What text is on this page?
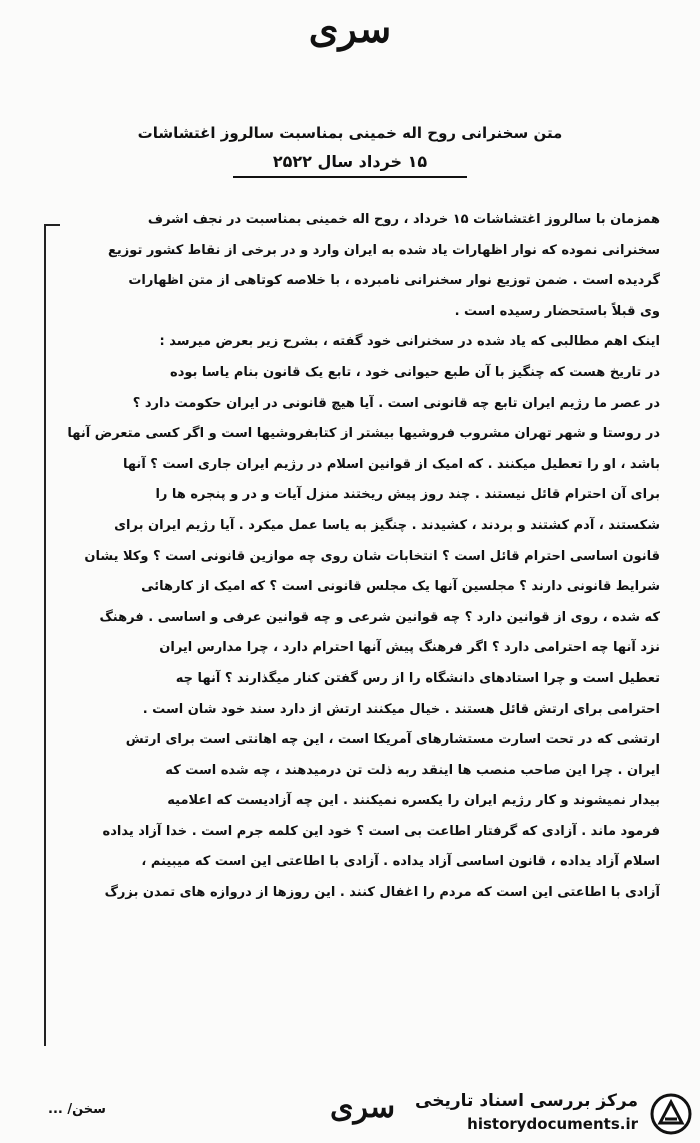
سری
متن سخنرانی روح اله خمینی بمناسبت سالروز اغتشاشات
۱۵ خرداد سال ۲۵۲۲
همزمان با سالروز اغتشاشات ۱۵ خرداد ، روح اله خمینی بمناسبت در نجف اشرف
سخنرانی نموده که نوار اظهارات یاد شده به ایران وارد و در برخی از نقاط کشور توزیع
گردیده است . ضمن توزیع نوار سخنرانی نامبرده ، با خلاصه کوتاهی از متن اظهارات
وی قبلاً باستحضار رسیده است .
اینک اهم مطالبی که یاد شده در سخنرانی خود گفته ، بشرح زیر بعرض میرسد :
در تاریخ هست که چنگیز با آن طبع حیوانی خود ، تابع یک قانون بنام یاسا بوده
در عصر ما رژیم ایران تابع چه قانونی است . آیا هیچ قانونی در ایران حکومت دارد ؟
در روستا و شهر تهران مشروب فروشیها بیشتر از کتابفروشیها است و اگر کسی متعرض آنها
باشد ، او را تعطیل میکنند . که امیک از قوانین اسلام در رژیم ایران جاری است ؟ آنها
برای آن احترام قائل نیستند . چند روز پیش ریختند منزل آیات و در و پنجره ها را
شکستند ، آدم کشتند و بردند ، کشیدند . چنگیز به یاسا عمل میکرد . آیا رژیم ایران برای
قانون اساسی احترام قائل است ؟ انتخابات شان روی چه موازین قانونی است ؟ وکلا یشان
شرایط قانونی دارند ؟ مجلسین آنها یک مجلس قانونی است ؟ که امیک از کارهائی
که شده ، روی از قوانین دارد ؟ چه قوانین شرعی و چه قوانین عرفی و اساسی . فرهنگ
نزد آنها چه احترامی دارد ؟ اگر فرهنگ پیش آنها احترام دارد ، چرا مدارس ایران
تعطیل است و چرا استادهای دانشگاه را از رس گفتن کنار میگذارند ؟ آنها چه
احترامی برای ارتش قائل هستند . خیال میکنند ارتش از دارد سند خود شان است .
ارتشی که در تحت اسارت مستشارهای آمریکا است ، این چه اهانتی است برای ارتش
ایران . چرا این صاحب منصب ها اینقد ربه ذلت تن درمیدهند ، چه شده است که
بیدار نمیشوند و کار رژیم ایران را یکسره نمیکنند . این چه آزادیست که اعلامیه
فرمود ماند . آزادی که گرفتار اطاعت بی است ؟ خود این کلمه جرم است . خدا آزاد یداده
اسلام آزاد یداده ، قانون اساسی آزاد یداده . آزادی با اطاعتی این است که میبینم ،
آزادی با اطاعتی این است که مردم را اغفال کنند . این روزها از دروازه های تمدن بزرگ
سخن/ ...	سری مرکز بررسی اسناد تاریخی
historydocuments.ir
